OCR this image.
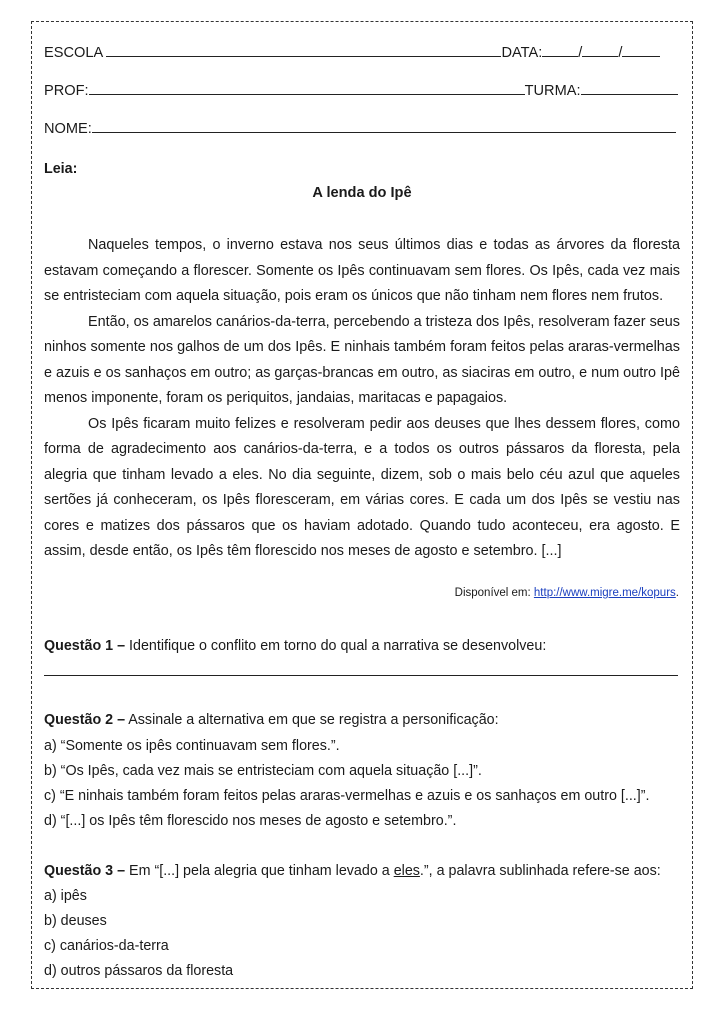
ESCOLA	DATA: / /
PROF:	TURMA:
NOME:
Leia:
A lenda do Ipê

Naqueles tempos, o inverno estava nos seus últimos dias e todas as árvores da floresta estavam começando a florescer. Somente os Ipês continuavam sem flores. Os Ipês, cada vez mais se entristeciam com aquela situação, pois eram os únicos que não tinham nem flores nem frutos.

Então, os amarelos canários-da-terra, percebendo a tristeza dos Ipês, resolveram fazer seus ninhos somente nos galhos de um dos Ipês. E ninhais também foram feitos pelas araras-vermelhas e azuis e os sanhaços em outro; as garças-brancas em outro, as siaciras em outro, e num outro Ipê menos imponente, foram os periquitos, jandaias, maritacas e papagaios.

Os Ipês ficaram muito felizes e resolveram pedir aos deuses que lhes dessem flores, como forma de agradecimento aos canários-da-terra, e a todos os outros pássaros da floresta, pela alegria que tinham levado a eles. No dia seguinte, dizem, sob o mais belo céu azul que aqueles sertões já conheceram, os Ipês floresceram, em várias cores. E cada um dos Ipês se vestiu nas cores e matizes dos pássaros que os haviam adotado. Quando tudo aconteceu, era agosto. E assim, desde então, os Ipês têm florescido nos meses de agosto e setembro. [...]

Disponível em: http://www.migre.me/kopurs.
Questão 1 – Identifique o conflito em torno do qual a narrativa se desenvolveu:
Questão 2 – Assinale a alternativa em que se registra a personificação:
a) “Somente os ipês continuavam sem flores.”.
b) “Os Ipês, cada vez mais se entristeciam com aquela situação [...]”.
c) “E ninhais também foram feitos pelas araras-vermelhas e azuis e os sanhaços em outro [...]”.
d) “[...] os Ipês têm florescido nos meses de agosto e setembro.”.
Questão 3 – Em “[...] pela alegria que tinham levado a eles.”, a palavra sublinhada refere-se aos:
a) ipês
b) deuses
c) canários-da-terra
d) outros pássaros da floresta
